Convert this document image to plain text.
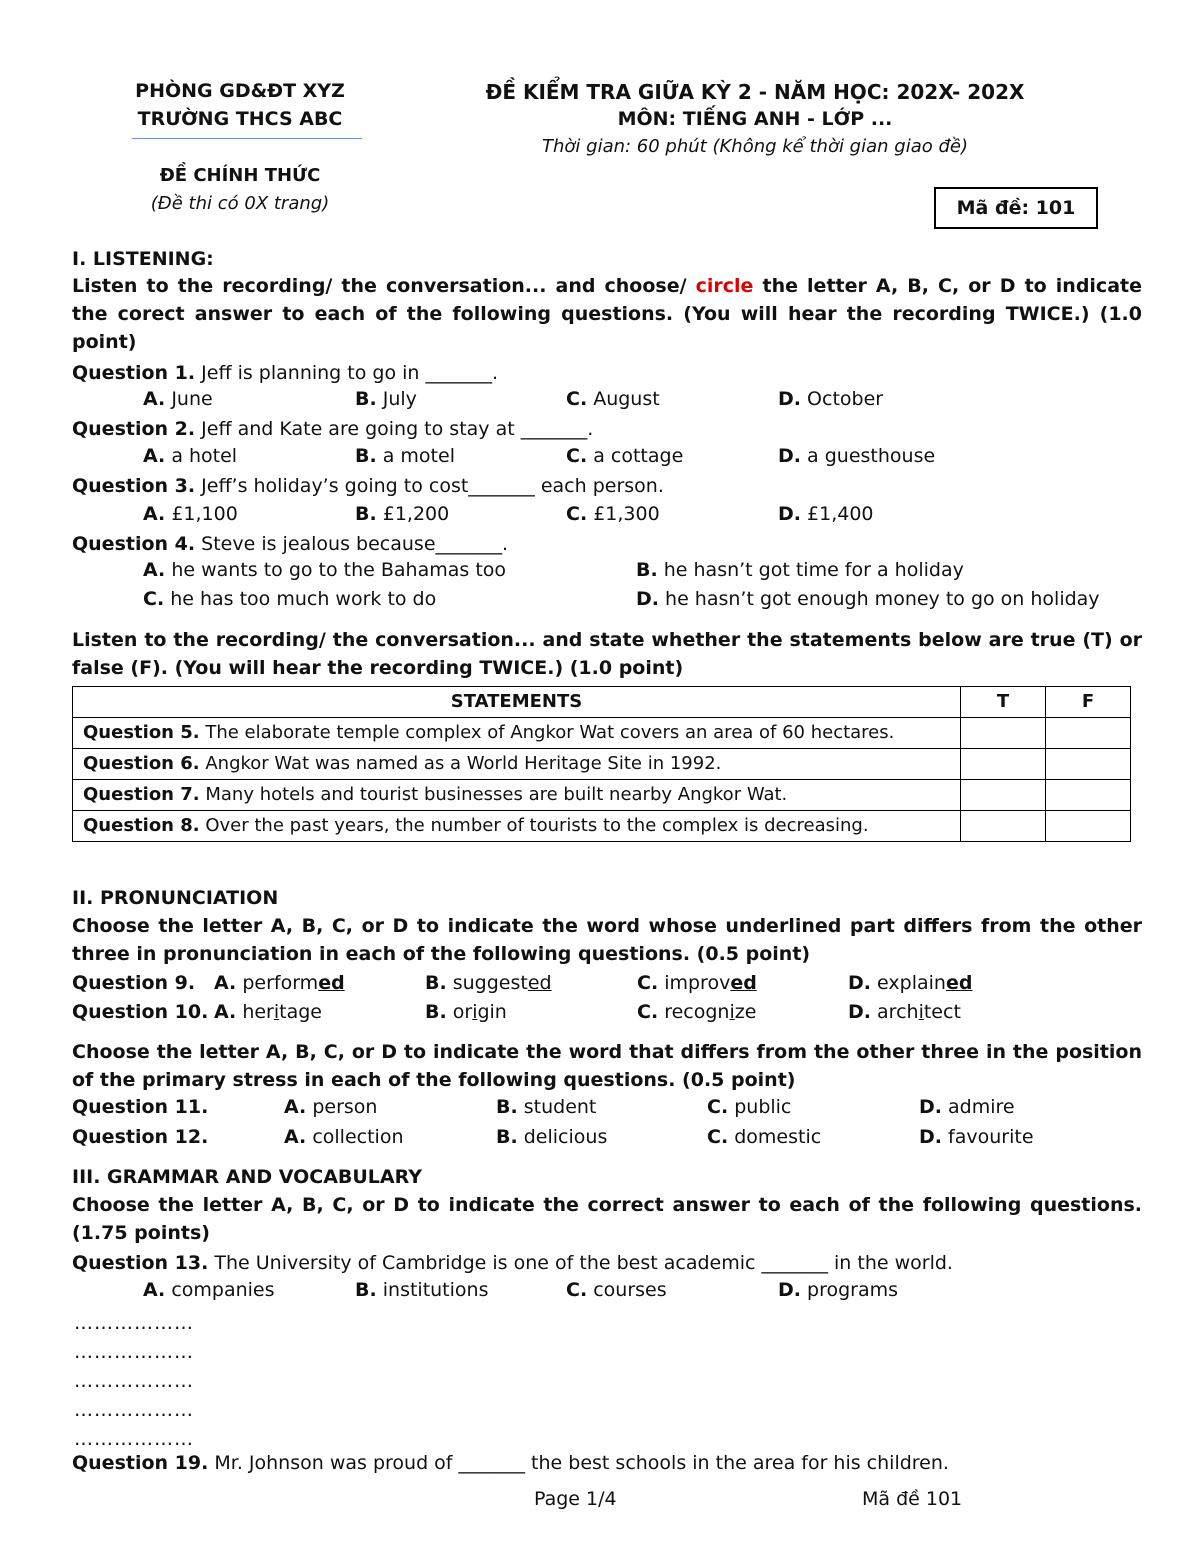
PHÒNG GD&ĐT XYZ
TRƯỜNG THCS ABC
ĐỀ CHÍNH THỨC
(Đề thi có 0X trang)
ĐỀ KIỂM TRA GIỮA KỲ 2 - NĂM HỌC: 202X- 202X
MÔN: TIẾNG ANH - LỚP ...
Thời gian: 60 phút (Không kể thời gian giao đề)
Mã đề: 101
I. LISTENING:
Listen to the recording/ the conversation... and choose/ circle the letter A, B, C, or D to indicate the corect answer to each of the following questions. (You will hear the recording TWICE.) (1.0 point)
Question 1. Jeff is planning to go in _______.
A. June	B. July	C. August	D. October
Question 2. Jeff and Kate are going to stay at _______.
A. a hotel	B. a motel	C. a cottage	D. a guesthouse
Question 3. Jeff’s holiday’s going to cost_______ each person.
A. £1,100	B. £1,200	C. £1,300	D. £1,400
Question 4. Steve is jealous because_______.
A. he wants to go to the Bahamas too	B. he hasn’t got time for a holiday
C. he has too much work to do	D. he hasn’t got enough money to go on holiday
Listen to the recording/ the conversation... and state whether the statements below are true (T) or false (F). (You will hear the recording TWICE.) (1.0 point)
STATEMENTS	T	F
Question 5. The elaborate temple complex of Angkor Wat covers an area of 60 hectares.		
Question 6. Angkor Wat was named as a World Heritage Site in 1992.		
Question 7. Many hotels and tourist businesses are built nearby Angkor Wat.		
Question 8. Over the past years, the number of tourists to the complex is decreasing.		
II. PRONUNCIATION
Choose the letter A, B, C, or D to indicate the word whose underlined part differs from the other three in pronunciation in each of the following questions. (0.5 point)
Question 9. A. performed	B. suggested	C. improved	D. explained
Question 10. A. heritage	B. origin	C. recognize	D. architect
Choose the letter A, B, C, or D to indicate the word that differs from the other three in the position of the primary stress in each of the following questions. (0.5 point)
Question 11.	A. person	B. student	C. public	D. admire
Question 12.	A. collection	B. delicious	C. domestic	D. favourite
III. GRAMMAR AND VOCABULARY
Choose the letter A, B, C, or D to indicate the correct answer to each of the following questions. (1.75 points)
Question 13. The University of Cambridge is one of the best academic _______ in the world.
A. companies	B. institutions	C. courses	D. programs
………………
………………
………………
………………
………………
Question 19. Mr. Johnson was proud of _______ the best schools in the area for his children.
Page 1/4	Mã đề 101
